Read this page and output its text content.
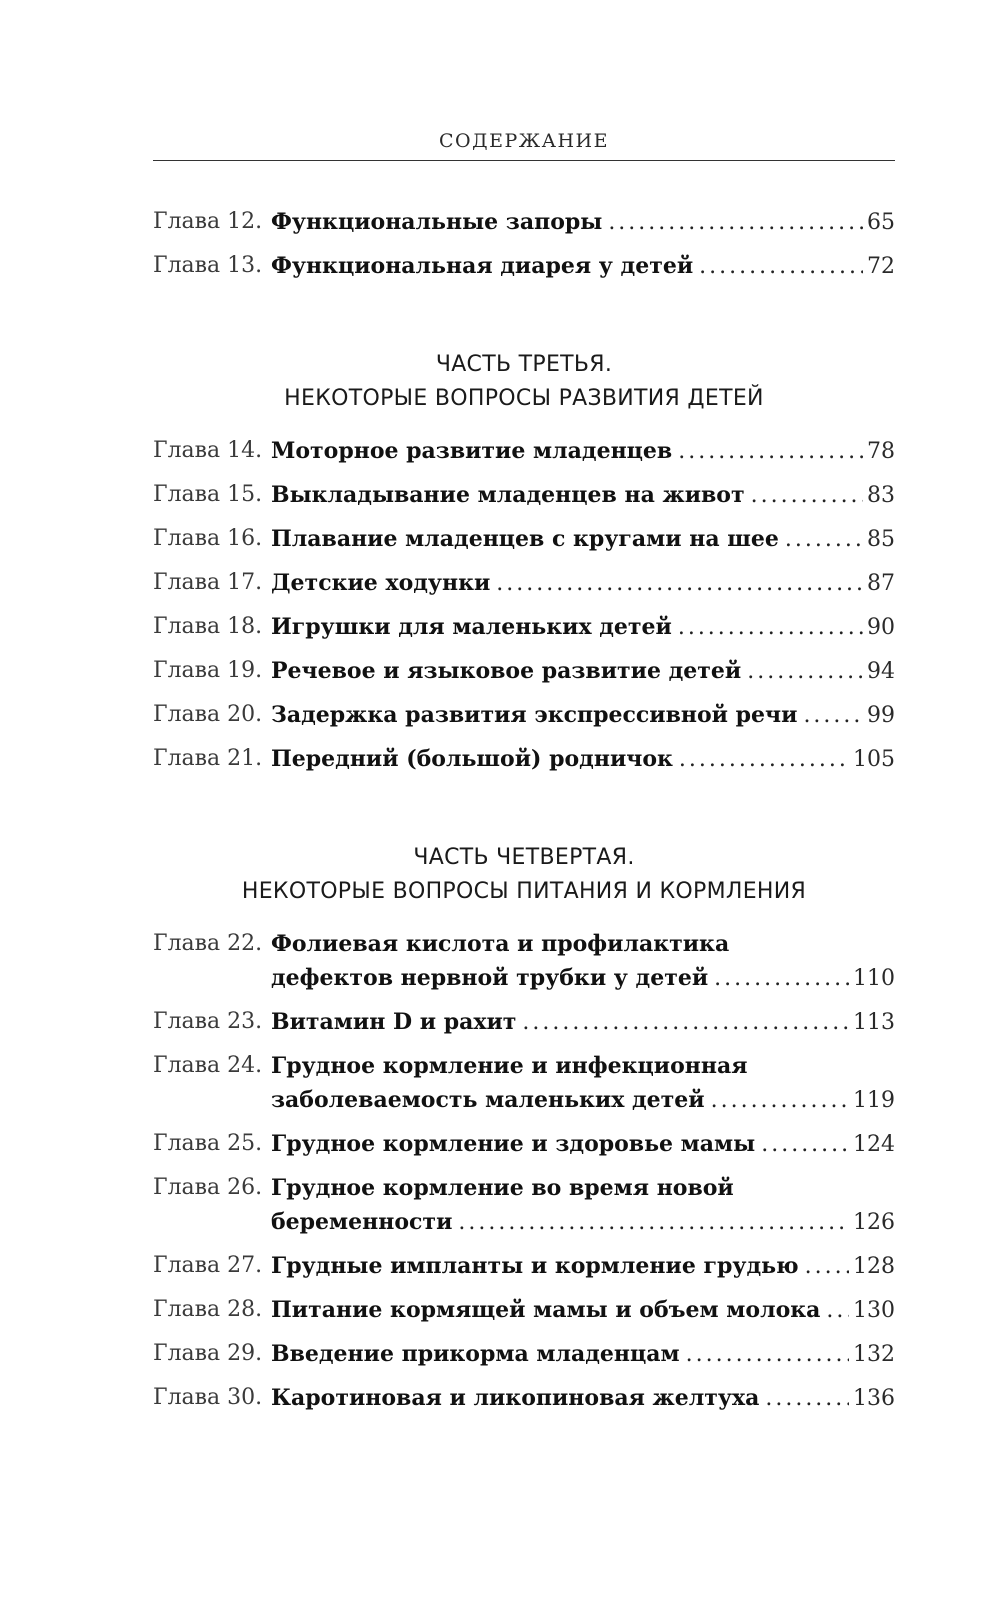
СОДЕРЖАНИЕ
Глава 12. Функциональные запоры .....	65
Глава 13. Функциональная диарея у детей .....	72
ЧАСТЬ ТРЕТЬЯ.
НЕКОТОРЫЕ ВОПРОСЫ РАЗВИТИЯ ДЕТЕЙ
Глава 14. Моторное развитие младенцев .....	78
Глава 15. Выкладывание младенцев на живот .....	83
Глава 16. Плавание младенцев с кругами на шее .....	85
Глава 17. Детские ходунки .....	87
Глава 18. Игрушки для маленьких детей .....	90
Глава 19. Речевое и языковое развитие детей .....	94
Глава 20. Задержка развития экспрессивной речи .....	99
Глава 21. Передний (большой) родничок .....	105
ЧАСТЬ ЧЕТВЕРТАЯ.
НЕКОТОРЫЕ ВОПРОСЫ ПИТАНИЯ И КОРМЛЕНИЯ
Глава 22. Фолиевая кислота и профилактика
дефектов нервной трубки у детей .....	110
Глава 23. Витамин D и рахит .....	113
Глава 24. Грудное кормление и инфекционная
заболеваемость маленьких детей .....	119
Глава 25. Грудное кормление и здоровье мамы .....	124
Глава 26. Грудное кормление во время новой
беременности .....	126
Глава 27. Грудные импланты и кормление грудью ..... 128
Глава 28. Питание кормящей мамы и объем молока ..... 130
Глава 29. Введение прикорма младенцам .....	132
Глава 30. Каротиновая и ликопиновая желтуха .....	136
